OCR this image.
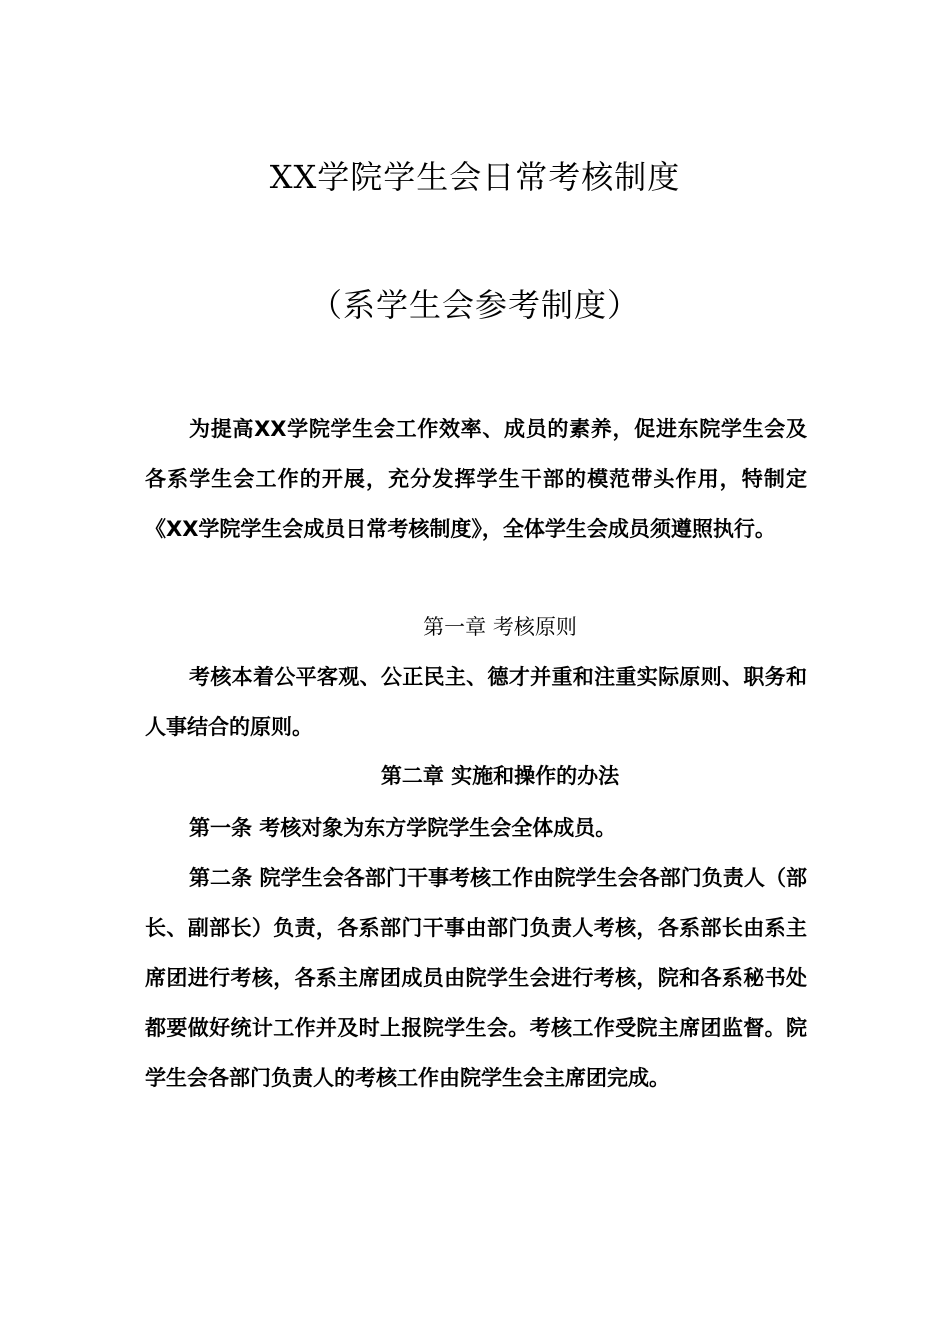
XX学院学生会日常考核制度
（系学生会参考制度）

为提高XX学院学生会工作效率、成员的素养，促进东院学生会及各系学生会工作的开展，充分发挥学生干部的模范带头作用，特制定《XX学院学生会成员日常考核制度》，全体学生会成员须遵照执行。

第一章 考核原则

考核本着公平客观、公正民主、德才并重和注重实际原则、职务和人事结合的原则。

第二章 实施和操作的办法

第一条 考核对象为东方学院学生会全体成员。

第二条 院学生会各部门干事考核工作由院学生会各部门负责人（部长、副部长）负责，各系部门干事由部门负责人考核，各系部长由系主席团进行考核，各系主席团成员由院学生会进行考核，院和各系秘书处都要做好统计工作并及时上报院学生会。考核工作受院主席团监督。院学生会各部门负责人的考核工作由院学生会主席团完成。
